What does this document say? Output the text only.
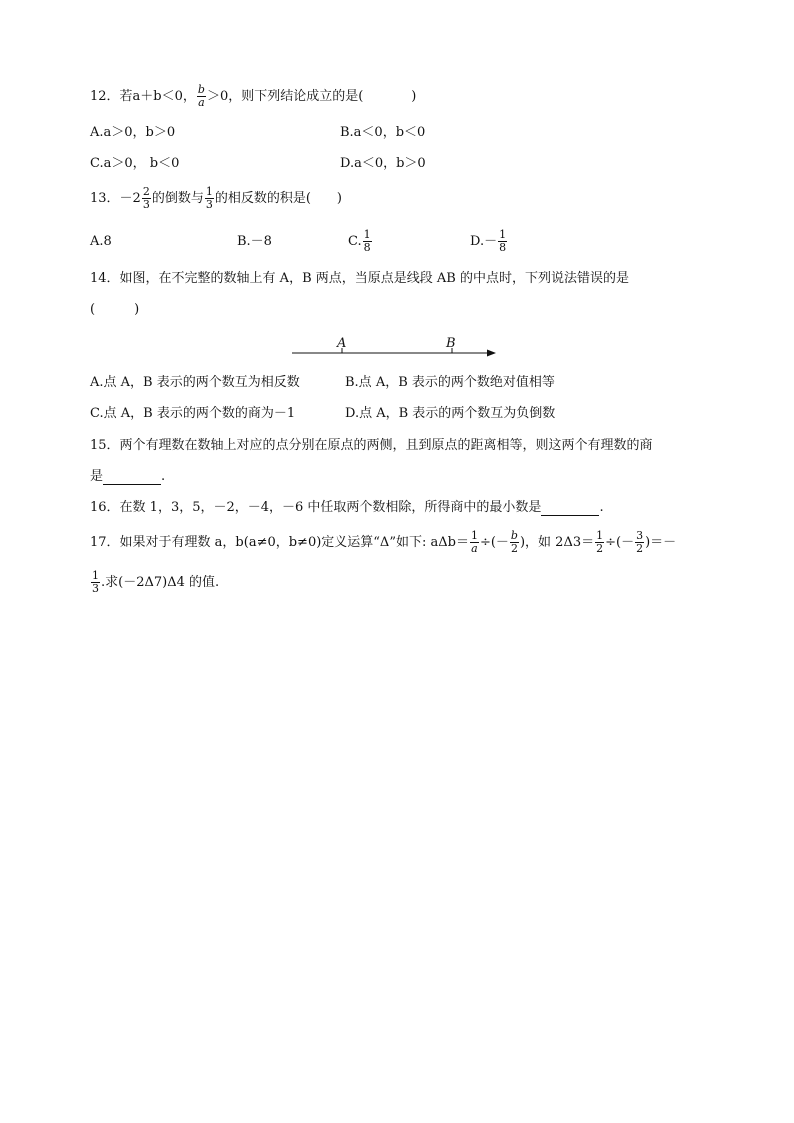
12．若a＋b＜0， $\frac{b}{a} >0$，则下列结论成立的是(	)
A.a＞0，b＞0	B.a＜0，b＜0
C.a＞0， b＜0	D.a＜0，b＞0
13．$-2 \frac{2}{3}$ 的倒数与 $\frac{1}{3}$ 的相反数的积是(　　)
A.8	B.－8	C. $\frac{1}{8}$	$D.- \frac{1}{8}$
14．如图，在不完整的数轴上有 A，B 两点，当原点是线段 AB 的中点时，下列说法错误的是
(　　　)
A	B
A.点 A，B 表示的两个数互为相反数	B.点 A，B 表示的两个数绝对值相等
C.点 A，B 表示的两个数的商为－1	D.点 A，B 表示的两个数互为负倒数
15．两个有理数在数轴上对应的点分别在原点的两侧，且到原点的距离相等，则这两个有理数的商
是	.
16．在数 1，3，5，－2，－4，－6 中任取两个数相除，所得商中的最小数是	.
17．如果对于有理数 a，b(a≠0，b≠0)定义运算“Δ”如下: $a\Delta b= \frac{1}{a}$ ÷(－ $\frac{b}{2}$ )，如 $2\Delta 3= \frac{1}{2}$ ÷(－ $\frac{3}{2}$ )＝－
$\frac{1}{3}$ .求(－2Δ7)Δ4 的值.
